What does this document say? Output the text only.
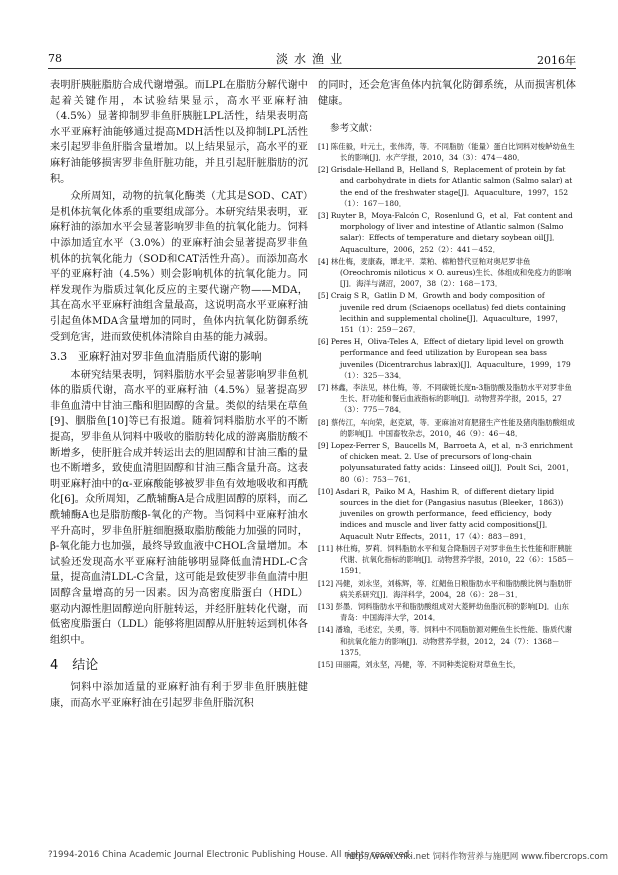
78	淡水渔业	2016年

表明肝胰脏脂肪合成代谢增强。而LPL在脂肪分解代谢中起着关键作用，本试验结果显示，高水平亚麻籽油（4.5%）显著抑制罗非鱼肝胰脏LPL活性，结果表明高水平亚麻籽油能够通过提高MDH活性以及抑制LPL活性来引起罗非鱼肝脂含量增加。以上结果显示，高水平的亚麻籽油能够损害罗非鱼肝脏功能，并且引起肝脏脂肪的沉积。

众所周知，动物的抗氧化酶类（尤其是SOD、CAT）是机体抗氧化体系的重要组成部分。本研究结果表明，亚麻籽油的添加水平会显著影响罗非鱼的抗氧化能力。饲料中添加适宜水平（3.0%）的亚麻籽油会显著提高罗非鱼机体的抗氧化能力（SOD和CAT活性升高）。而添加高水平的亚麻籽油（4.5%）则会影响机体的抗氧化能力。同样发现作为脂质过氧化反应的主要代谢产物——MDA，其在高水平亚麻籽油组含量最高，这说明高水平亚麻籽油引起鱼体MDA含量增加的同时，鱼体内抗氧化防御系统受到危害，进而致使机体清除自由基的能力减弱。

3.3　亚麻籽油对罗非鱼血清脂质代谢的影响

本研究结果表明，饲料脂肪水平会显著影响罗非鱼机体的脂质代谢，高水平的亚麻籽油（4.5%）显著提高罗非鱼血清中甘油三酯和胆固醇的含量。类似的结果在草鱼[9]、胭脂鱼[10]等已有报道。随着饲料脂肪水平的不断提高，罗非鱼从饲料中吸收的脂肪转化成的游离脂肪酸不断增多，使肝脏合成并转运出去的胆固醇和甘油三酯的量也不断增多，致使血清胆固醇和甘油三酯含量升高。这表明亚麻籽油中的α-亚麻酸能够被罗非鱼有效地吸收和再酰化[6]。众所周知，乙酰辅酶A是合成胆固醇的原料，而乙酰辅酶A也是脂肪酸β-氧化的产物。当饲料中亚麻籽油水平升高时，罗非鱼肝脏细胞摄取脂肪酸能力加强的同时，β-氧化能力也加强，最终导致血液中CHOL含量增加。本试验还发现高水平亚麻籽油能够明显降低血清HDL-C含量，提高血清LDL-C含量，这可能是致使罗非鱼血清中胆固醇含量增高的另一因素。因为高密度脂蛋白（HDL）驱动内源性胆固醇逆向肝脏转运，并经肝脏转化代谢，而低密度脂蛋白（LDL）能够将胆固醇从肝脏转运到机体各组织中。

4 结论

饲料中添加适量的亚麻籽油有利于罗非鱼肝胰脏健康，而高水平亚麻籽油在引起罗非鱼肝脂沉积

的同时，还会危害鱼体内抗氧化防御系统，从而损害机体健康。

参考文献：
[1] 陈佳毅，叶元土，张伟涛，等．不同脂肪（能量）蛋白比饲料对梭鲈幼鱼生长的影响[J]．水产学报，2010，34（3）：474－480．
[2] Grisdale-Helland B，Helland S．Replacement of protein by fat and carbohydrate in diets for Atlantic salmon (Salmo salar) at the end of the freshwater stage[J]．Aquaculture，1997，152（1）：167－180．
[3] Ruyter B，Moya-Falcón C，Rosenlund G，et al．Fat content and morphology of liver and intestine of Atlantic salmon (Salmo salar)：Effects of temperature and dietary soybean oil[J]．Aquaculture，2006，252（2）：441－452．
[4] 林仕梅，麦康森，谭北平．菜粕、棉粕替代豆粕对奥尼罗非鱼(Oreochromis niloticus × O. aureus)生长、体组成和免疫力的影响[J]．海洋与湖沼，2007，38（2）：168－173．
[5] Craig S R，Gatlin D M．Growth and body composition of juvenile red drum (Sciaenops ocellatus) fed diets containing lecithin and supplemental choline[J]．Aquaculture，1997，151（1）：259－267．
[6] Peres H，Oliva-Teles A．Effect of dietary lipid level on growth performance and feed utilization by European sea bass juveniles (Dicentrarchus labrax)[J]．Aquaculture，1999，179（1）：325－334．
[7] 林鑫，李法见，林仕梅，等．不同碳链长度n-3脂肪酸及脂肪水平对罗非鱼生长、肝功能和餐后血液指标的影响[J]．动物营养学报，2015，27（3）：775－784．
[8] 蔡传江，车向荣，赵克斌，等．亚麻油对育肥猪生产性能及猪肉脂肪酸组成的影响[J]．中国畜牧杂志，2010，46（9）：46－48．
[9] Lopez-Ferrer S，Baucells M，Barroeta A，et al．n-3 enrichment of chicken meat. 2. Use of precursors of long-chain polyunsaturated fatty acids：Linseed oil[J]．Poult Sci，2001，80（6）：753－761．
[10] Asdari R，Paiko M A，Hashim R．of different dietary lipid sources in the diet for (Pangasius nasutus (Bleeker，1863)) juveniles on growth performance，feed efficiency，body indices and muscle and liver fatty acid compositions[J]．Aquacult Nutr Effects，2011，17（4）：883－891．
[11] 林仕梅，罗莉．饲料脂肪水平和复合降脂因子对罗非鱼生长性能和肝胰脏代谢、抗氧化指标的影响[J]．动物营养学报，2010，22（6）：1585－1591．
[12] 冯健，刘永坚，刘栋辉，等．红鲳鱼日粮脂肪水平和脂肪酸比例与脂肪肝病关系研究[J]．海洋科学，2004，28（6）：28－31．
[13] 彭墨．饲料脂肪水平和脂肪酸组成对大菱鲆幼鱼脂沉积的影响[D]．山东青岛：中国海洋大学，2014．
[14] 潘瑜，毛述宏，关勇，等．饲料中不同脂肪源对鲤鱼生长性能、脂质代谢和抗氧化能力的影响[J]．动物营养学报，2012，24（7）：1368－1375．
[15] 田丽霞，刘永坚，冯健，等．不同种类淀粉对草鱼生长，
?1994-2016 China Academic Journal Electronic Publishing House. All rights reserved.
http://www.cnki.net 饲料作物营养与施肥网 www.fibercrops.com
